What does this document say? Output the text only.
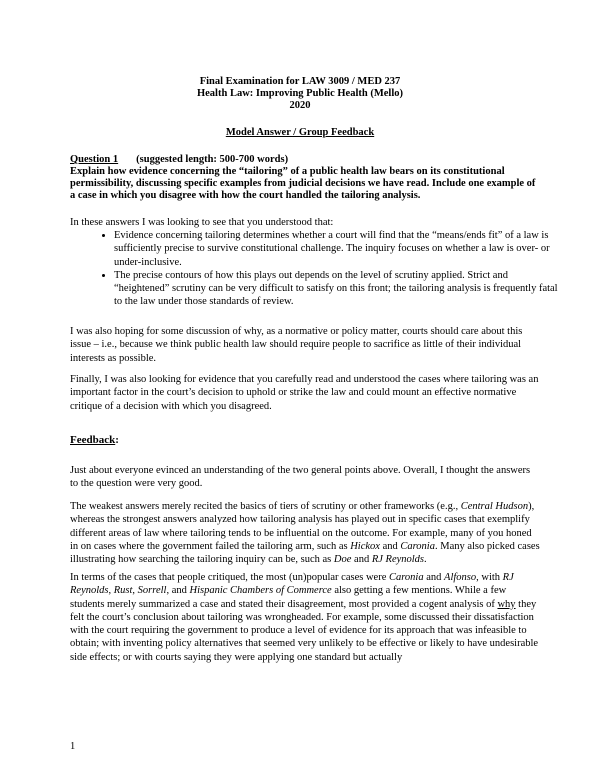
Final Examination for LAW 3009 / MED 237
Health Law: Improving Public Health (Mello)
2020
Model Answer / Group Feedback
Question 1 (suggested length: 500-700 words)
Explain how evidence concerning the “tailoring” of a public health law bears on its constitutional permissibility, discussing specific examples from judicial decisions we have read. Include one example of a case in which you disagree with how the court handled the tailoring analysis.
In these answers I was looking to see that you understood that:
• Evidence concerning tailoring determines whether a court will find that the “means/ends fit” of a law is sufficiently precise to survive constitutional challenge. The inquiry focuses on whether a law is over- or under-inclusive.
• The precise contours of how this plays out depends on the level of scrutiny applied. Strict and “heightened” scrutiny can be very difficult to satisfy on this front; the tailoring analysis is frequently fatal to the law under those standards of review.
I was also hoping for some discussion of why, as a normative or policy matter, courts should care about this issue – i.e., because we think public health law should require people to sacrifice as little of their individual interests as possible.
Finally, I was also looking for evidence that you carefully read and understood the cases where tailoring was an important factor in the court’s decision to uphold or strike the law and could mount an effective normative critique of a decision with which you disagreed.
Feedback:
Just about everyone evinced an understanding of the two general points above. Overall, I thought the answers to the question were very good.
The weakest answers merely recited the basics of tiers of scrutiny or other frameworks (e.g., Central Hudson), whereas the strongest answers analyzed how tailoring analysis has played out in specific cases that exemplify different areas of law where tailoring tends to be influential on the outcome. For example, many of you honed in on cases where the government failed the tailoring arm, such as Hickox and Caronia. Many also picked cases illustrating how searching the tailoring inquiry can be, such as Doe and RJ Reynolds.
In terms of the cases that people critiqued, the most (un)popular cases were Caronia and Alfonso, with RJ Reynolds, Rust, Sorrell, and Hispanic Chambers of Commerce also getting a few mentions. While a few students merely summarized a case and stated their disagreement, most provided a cogent analysis of why they felt the court’s conclusion about tailoring was wrongheaded. For example, some discussed their dissatisfaction with the court requiring the government to produce a level of evidence for its approach that was infeasible to obtain; with inventing policy alternatives that seemed very unlikely to be effective or likely to have undesirable side effects; or with courts saying they were applying one standard but actually
1
